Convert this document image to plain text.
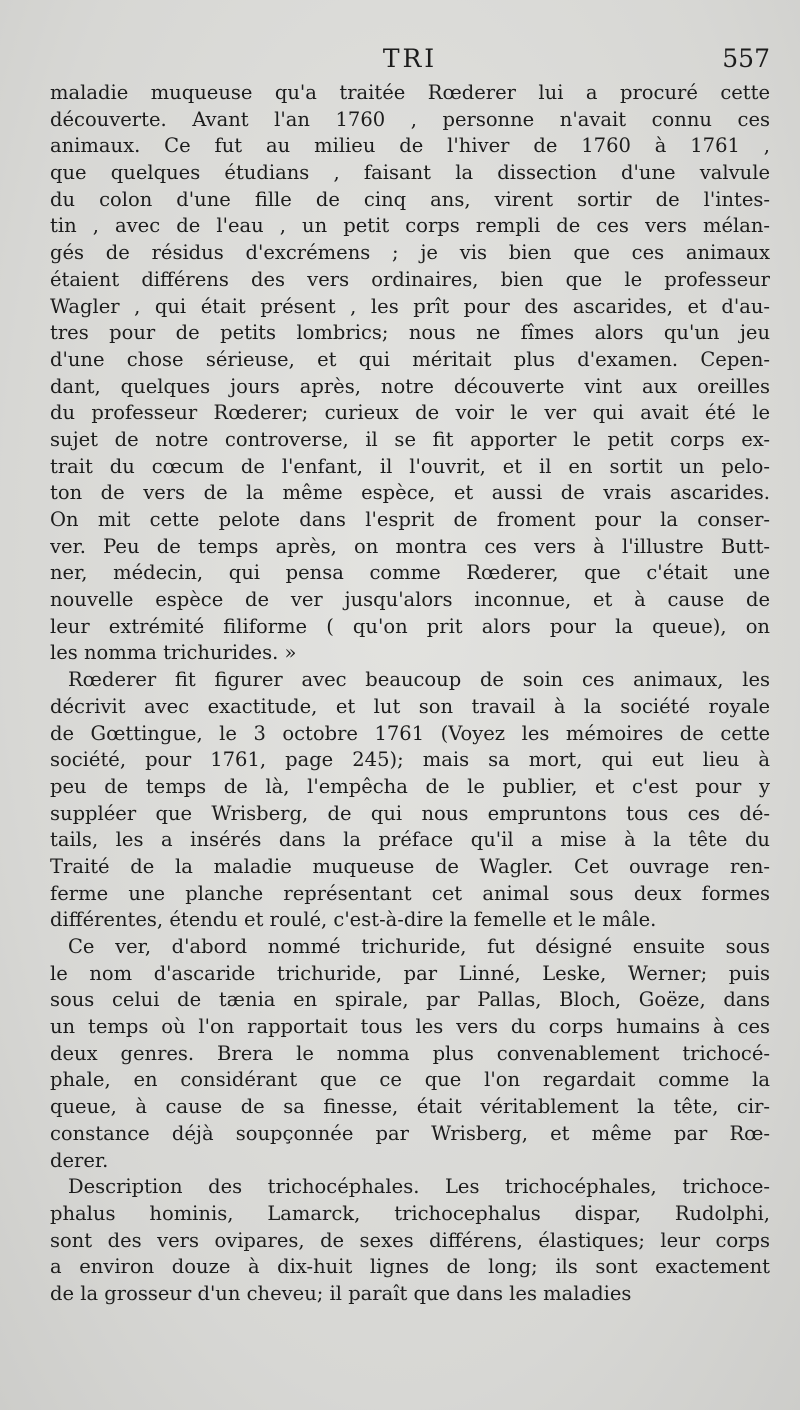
TRI	557
maladie muqueuse qu'a traitée Rœderer lui a procuré cette
découverte. Avant l'an 1760 , personne n'avait connu ces
animaux. Ce fut au milieu de l'hiver de 1760 à 1761 ,
que quelques étudians , faisant la dissection d'une valvule
du colon d'une fille de cinq ans, virent sortir de l'intes-
tin , avec de l'eau , un petit corps rempli de ces vers mélan-
gés de résidus d'excrémens ; je vis bien que ces animaux
étaient différens des vers ordinaires, bien que le professeur
Wagler , qui était présent , les prît pour des ascarides, et d'au-
tres pour de petits lombrics; nous ne fîmes alors qu'un jeu
d'une chose sérieuse, et qui méritait plus d'examen. Cepen-
dant, quelques jours après, notre découverte vint aux oreilles
du professeur Rœderer; curieux de voir le ver qui avait été le
sujet de notre controverse, il se fit apporter le petit corps ex-
trait du cœcum de l'enfant, il l'ouvrit, et il en sortit un pelo-
ton de vers de la même espèce, et aussi de vrais ascarides.
On mit cette pelote dans l'esprit de froment pour la conser-
ver. Peu de temps après, on montra ces vers à l'illustre Butt-
ner, médecin, qui pensa comme Rœderer, que c'était une
nouvelle espèce de ver jusqu'alors inconnue, et à cause de
leur extrémité filiforme ( qu'on prit alors pour la queue), on
les nomma trichurides. »
Rœderer fit figurer avec beaucoup de soin ces animaux, les
décrivit avec exactitude, et lut son travail à la société royale
de Gœttingue, le 3 octobre 1761 (Voyez les mémoires de cette
société, pour 1761, page 245); mais sa mort, qui eut lieu à
peu de temps de là, l'empêcha de le publier, et c'est pour y
suppléer que Wrisberg, de qui nous empruntons tous ces dé-
tails, les a insérés dans la préface qu'il a mise à la tête du
Traité de la maladie muqueuse de Wagler. Cet ouvrage ren-
ferme une planche représentant cet animal sous deux formes
différentes, étendu et roulé, c'est-à-dire la femelle et le mâle.
Ce ver, d'abord nommé trichuride, fut désigné ensuite sous
le nom d'ascaride trichuride, par Linné, Leske, Werner; puis
sous celui de tænia en spirale, par Pallas, Bloch, Goëze, dans
un temps où l'on rapportait tous les vers du corps humains à ces
deux genres. Brera le nomma plus convenablement trichocé-
phale, en considérant que ce que l'on regardait comme la
queue, à cause de sa finesse, était véritablement la tête, cir-
constance déjà soupçonnée par Wrisberg, et même par Rœ-
derer.
Description des trichocéphales. Les trichocéphales, trichoce-
phalus hominis, Lamarck, trichocephalus dispar, Rudolphi,
sont des vers ovipares, de sexes différens, élastiques; leur corps
a environ douze à dix-huit lignes de long; ils sont exactement
de la grosseur d'un cheveu; il paraît que dans les maladies
